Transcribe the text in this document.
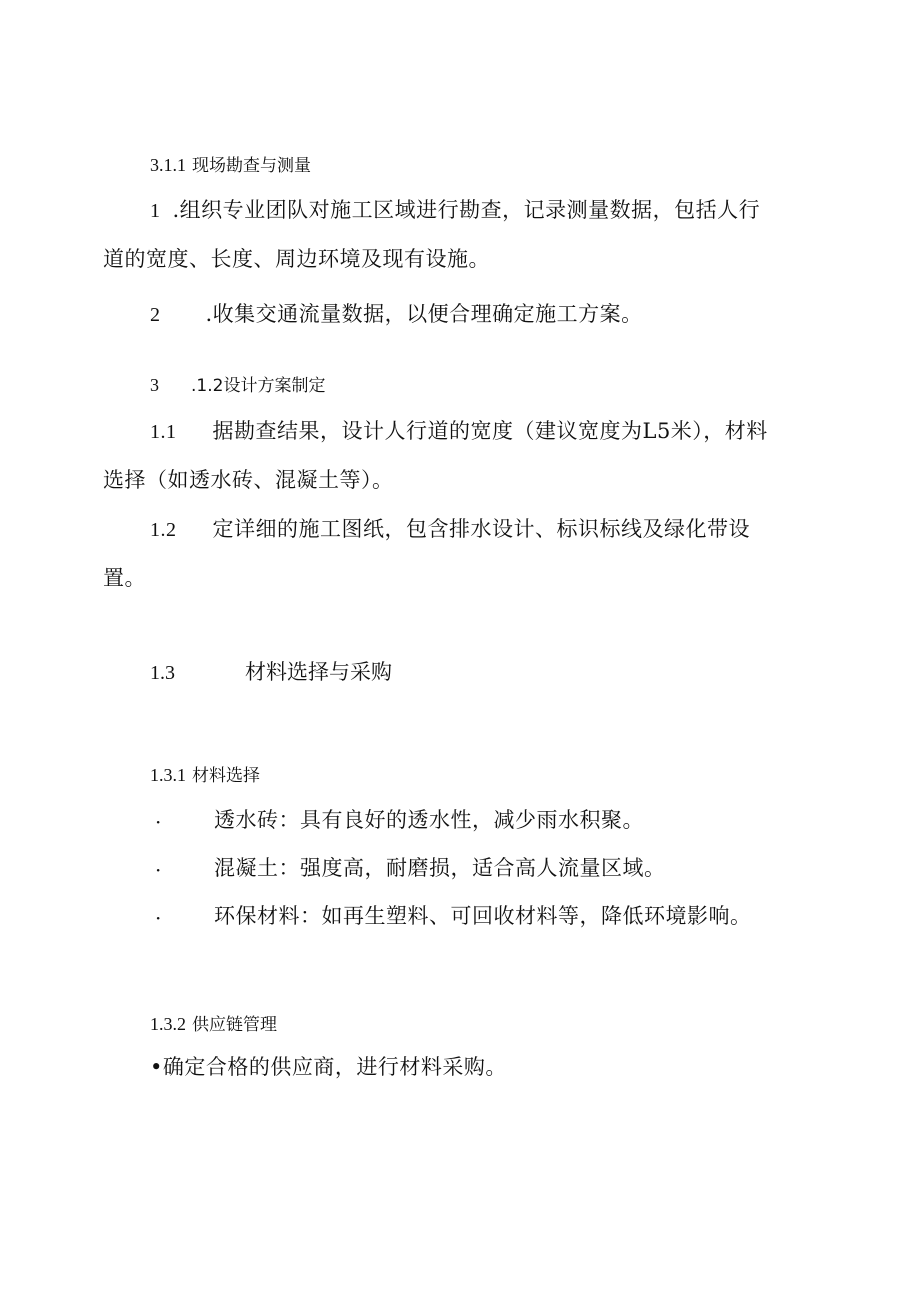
3.1.1 现场勘查与测量
1 .组织专业团队对施工区域进行勘查，记录测量数据，包括人行
道的宽度、长度、周边环境及现有设施。
2 .收集交通流量数据，以便合理确定施工方案。
3 .1.2设计方案制定
1.1 据勘查结果，设计人行道的宽度（建议宽度为L5米），材料
选择（如透水砖、混凝土等）。
1.2 定详细的施工图纸，包含排水设计、标识标线及绿化带设
置。
1.3	材料选择与采购
1.3.1 材料选择
·	透水砖：具有良好的透水性，减少雨水积聚。
·	混凝土：强度高，耐磨损，适合高人流量区域。
·	环保材料：如再生塑料、可回收材料等，降低环境影响。
1.3.2 供应链管理
•确定合格的供应商，进行材料采购。
